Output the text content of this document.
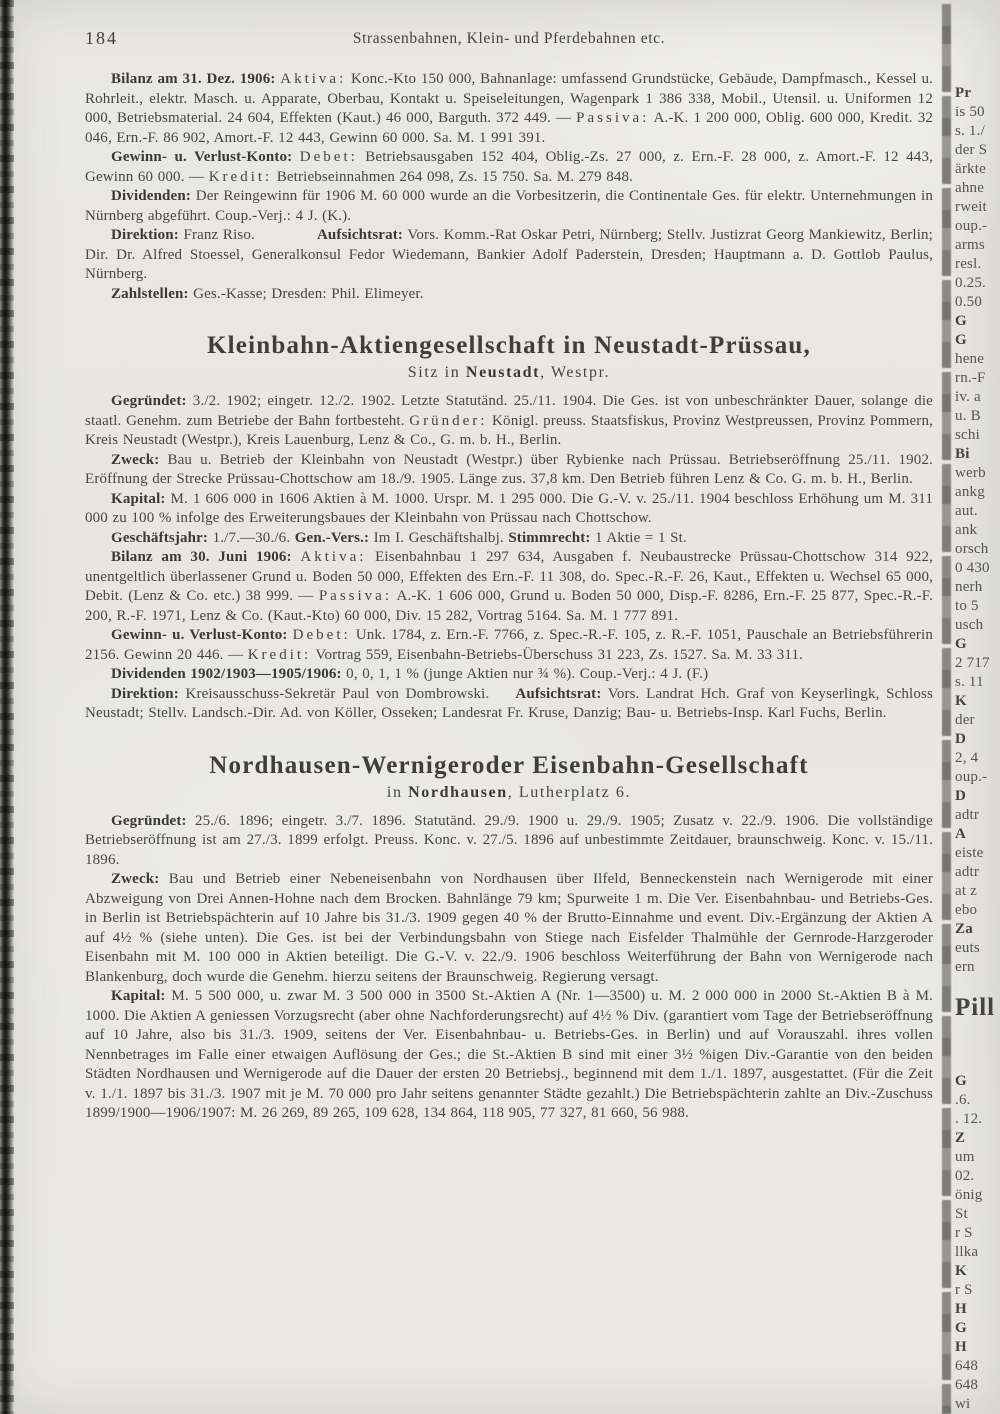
184	Strassenbahnen, Klein- und Pferdebahnen etc.

Bilanz am 31. Dez. 1906: Aktiva: Konc.-Kto 150 000, Bahnanlage: umfassend Grundstücke, Gebäude, Dampfmasch., Kessel u. Rohrleit., elektr. Masch. u. Apparate, Oberbau, Kontakt u. Speiseleitungen, Wagenpark 1 386 338, Mobil., Utensil. u. Uniformen 12 000, Betriebsmaterial. 24 604, Effekten (Kaut.) 46 000, Barguth. 372 449. — Passiva: A.-K. 1 200 000, Oblig. 600 000, Kredit. 32 046, Ern.-F. 86 902, Amort.-F. 12 443, Gewinn 60 000. Sa. M. 1 991 391.

Gewinn- u. Verlust-Konto: Debet: Betriebsausgaben 152 404, Oblig.-Zs. 27 000, z. Ern.-F. 28 000, z. Amort.-F. 12 443, Gewinn 60 000. — Kredit: Betriebseinnahmen 264 098, Zs. 15 750. Sa. M. 279 848.

Dividenden: Der Reingewinn für 1906 M. 60 000 wurde an die Vorbesitzerin, die Continentale Ges. für elektr. Unternehmungen in Nürnberg abgeführt. Coup.-Verj.: 4 J. (K.).

Direktion: Franz Riso.	Aufsichtsrat: Vors. Komm.-Rat Oskar Petri, Nürnberg; Stellv. Justizrat Georg Mankiewitz, Berlin; Dir. Dr. Alfred Stoessel, Generalkonsul Fedor Wiedemann, Bankier Adolf Paderstein, Dresden; Hauptmann a. D. Gottlob Paulus, Nürnberg.

Zahlstellen: Ges.-Kasse; Dresden: Phil. Elimeyer.

Kleinbahn-Aktiengesellschaft in Neustadt-Prüssau,
Sitz in Neustadt, Westpr.

Gegründet: 3./2. 1902; eingetr. 12./2. 1902. Letzte Statutänd. 25./11. 1904. Die Ges. ist von unbeschränkter Dauer, solange die staatl. Genehm. zum Betriebe der Bahn fortbesteht. Gründer: Königl. preuss. Staatsfiskus, Provinz Westpreussen, Provinz Pommern, Kreis Neustadt (Westpr.), Kreis Lauenburg, Lenz & Co., G. m. b. H., Berlin.

Zweck: Bau u. Betrieb der Kleinbahn von Neustadt (Westpr.) über Rybienke nach Prüssau. Betriebseröffnung 25./11. 1902. Eröffnung der Strecke Prüssau-Chottschow am 18./9. 1905. Länge zus. 37,8 km. Den Betrieb führen Lenz & Co. G. m. b. H., Berlin.

Kapital: M. 1 606 000 in 1606 Aktien à M. 1000. Urspr. M. 1 295 000. Die G.-V. v. 25./11. 1904 beschloss Erhöhung um M. 311 000 zu 100 % infolge des Erweiterungsbaues der Kleinbahn von Prüssau nach Chottschow.

Geschäftsjahr: 1./7.—30./6. Gen.-Vers.: Im I. Geschäftshalbj. Stimmrecht: 1 Aktie = 1 St.

Bilanz am 30. Juni 1906: Aktiva: Eisenbahnbau 1 297 634, Ausgaben f. Neubaustrecke Prüssau-Chottschow 314 922, unentgeltlich überlassener Grund u. Boden 50 000, Effekten des Ern.-F. 11 308, do. Spec.-R.-F. 26, Kaut., Effekten u. Wechsel 65 000, Debit. (Lenz & Co. etc.) 38 999. — Passiva: A.-K. 1 606 000, Grund u. Boden 50 000, Disp.-F. 8286, Ern.-F. 25 877, Spec.-R.-F. 200, R.-F. 1971, Lenz & Co. (Kaut.-Kto) 60 000, Div. 15 282, Vortrag 5164. Sa. M. 1 777 891.

Gewinn- u. Verlust-Konto: Debet: Unk. 1784, z. Ern.-F. 7766, z. Spec.-R.-F. 105, z. R.-F. 1051, Pauschale an Betriebsführerin 2156. Gewinn 20 446. — Kredit: Vortrag 559, Eisenbahn-Betriebs-Überschuss 31 223, Zs. 1527. Sa. M. 33 311.

Dividenden 1902/1903—1905/1906: 0, 0, 1, 1 % (junge Aktien nur ¾ %). Coup.-Verj.: 4 J. (F.)

Direktion: Kreisausschuss-Sekretär Paul von Dombrowski. Aufsichtsrat: Vors. Landrat Hch. Graf von Keyserlingk, Schloss Neustadt; Stellv. Landsch.-Dir. Ad. von Köller, Osseken; Landesrat Fr. Kruse, Danzig; Bau- u. Betriebs-Insp. Karl Fuchs, Berlin.

Nordhausen-Wernigeroder Eisenbahn-Gesellschaft
in Nordhausen, Lutherplatz 6.

Gegründet: 25./6. 1896; eingetr. 3./7. 1896. Statutänd. 29./9. 1900 u. 29./9. 1905; Zusatz v. 22./9. 1906. Die vollständige Betriebseröffnung ist am 27./3. 1899 erfolgt. Preuss. Konc. v. 27./5. 1896 auf unbestimmte Zeitdauer, braunschweig. Konc. v. 15./11. 1896.

Zweck: Bau und Betrieb einer Nebeneisenbahn von Nordhausen über Ilfeld, Benneckenstein nach Wernigerode mit einer Abzweigung von Drei Annen-Hohne nach dem Brocken. Bahnlänge 79 km; Spurweite 1 m. Die Ver. Eisenbahnbau- und Betriebs-Ges. in Berlin ist Betriebspächterin auf 10 Jahre bis 31./3. 1909 gegen 40 % der Brutto-Einnahme und event. Div.-Ergänzung der Aktien A auf 4½ % (siehe unten). Die Ges. ist bei der Verbindungsbahn von Stiege nach Eisfelder Thalmühle der Gernrode-Harzgeroder Eisenbahn mit M. 100 000 in Aktien beteiligt. Die G.-V. v. 22./9. 1906 beschloss Weiterführung der Bahn von Wernigerode nach Blankenburg, doch wurde die Genehm. hierzu seitens der Braunschweig. Regierung versagt.

Kapital: M. 5 500 000, u. zwar M. 3 500 000 in 3500 St.-Aktien A (Nr. 1—3500) u. M. 2 000 000 in 2000 St.-Aktien B à M. 1000. Die Aktien A geniessen Vorzugsrecht (aber ohne Nachforderungsrecht) auf 4½ % Div. (garantiert vom Tage der Betriebseröffnung auf 10 Jahre, also bis 31./3. 1909, seitens der Ver. Eisenbahnbau- u. Betriebs-Ges. in Berlin) und auf Vorauszahl. ihres vollen Nennbetrages im Falle einer etwaigen Auflösung der Ges.; die St.-Aktien B sind mit einer 3½ %igen Div.-Garantie von den beiden Städten Nordhausen und Wernigerode auf die Dauer der ersten 20 Betriebsj., beginnend mit dem 1./1. 1897, ausgestattet. (Für die Zeit v. 1./1. 1897 bis 31./3. 1907 mit je M. 70 000 pro Jahr seitens genannter Städte gezahlt.) Die Betriebspächterin zahlte an Div.-Zuschuss 1899/1900—1906/1907: M. 26 269, 89 265, 109 628, 134 864, 118 905, 77 327, 81 660, 56 988.

Pr
is 50
s. 1./
der S
ärkte
ahne
rweit
oup.-
arms
resl.
0.25.
0.50
G
G
hene
rn.-F
iv. a
u. B
schi
Bi
werb
ankg
aut.
ank
orsch
0 430
nerh
to 5
usch
G
2 717
s. 11
K
der
D
2, 4
oup.-
D
adtr
A
eiste
adtr
at z
ebo
Za
euts
ern
Pill
G
.6.
. 12.
Z
um
02.
önig
St
r S
llka
K
r S
H
G
H
648
648
wi
